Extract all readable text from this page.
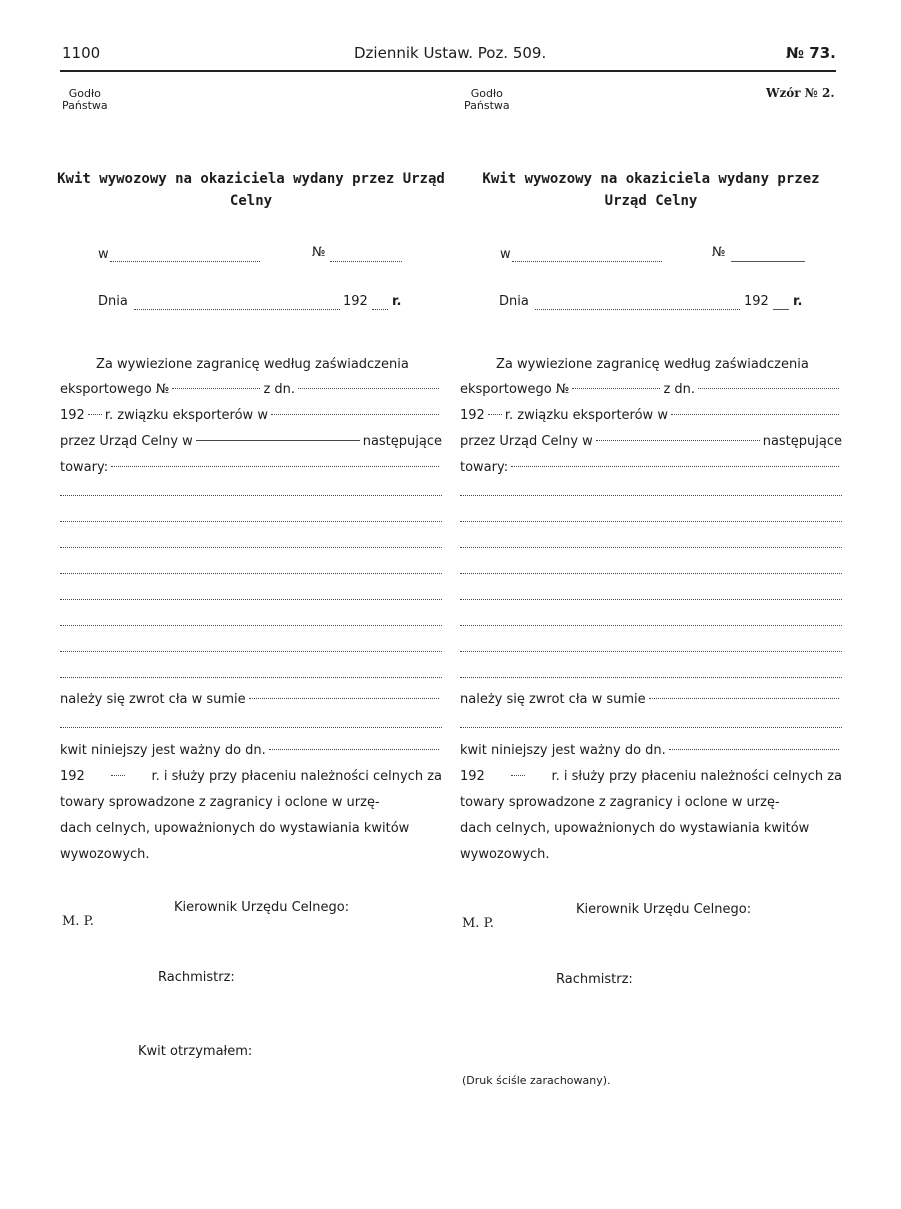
1100	Dziennik Ustaw. Poz. 509.	№ 73.
Godło
Państwa
Godło
Państwa
Wzór № 2.
Kwit wywozowy na okaziciela wydany przez Urząd Celny
w	№
Dnia	192 r.
Za wywiezione zagranicę według zaświadczenia
eksportowego №	z dn.
192 r. związku eksporterów w
przez Urząd Celny w	następujące
towary:
należy się zwrot cła w sumie
kwit niniejszy jest ważny do dn.
192	r. i służy przy płaceniu należności celnych za
towary sprowadzone z zagranicy i oclone w urzę-
dach celnych, upoważnionych do wystawiania kwitów
wywozowych.
Kierownik Urzędu Celnego:
M. P.
Rachmistrz:
Kwit otrzymałem:
Kwit wywozowy na okaziciela wydany przez Urząd Celny
w	№
Dnia	192 r.
Za wywiezione zagranicę według zaświadczenia
eksportowego №	z dn.
192 r. związku eksporterów w
przez Urząd Celny w	następujące
towary:
należy się zwrot cła w sumie
kwit niniejszy jest ważny do dn.
192	r. i służy przy płaceniu należności celnych za
towary sprowadzone z zagranicy i oclone w urzę-
dach celnych, upoważnionych do wystawiania kwitów
wywozowych.
Kierownik Urzędu Celnego:
M. P.
Rachmistrz:
(Druk ściśle zarachowany).
